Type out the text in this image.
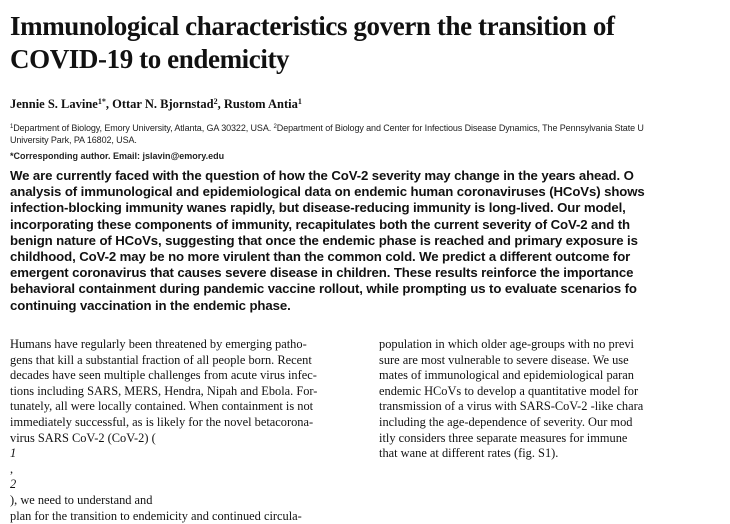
Immunological characteristics govern the transition of
COVID-19 to endemicity
Jennie S. Lavine$^{1*}$, Ottar N. Bjornstad$^2$, Rustom Antia$^1$
$^1$Department of Biology, Emory University, Atlanta, GA 30322, USA. $^2$Department of Biology and Center for Infectious Disease Dynamics, The Pennsylvania State U
University Park, PA 16802, USA.
*Corresponding author. Email: jslavin@emory.edu
We are currently faced with the question of how the CoV-2 severity may change in the years ahead. O
analysis of immunological and epidemiological data on endemic human coronaviruses (HCoVs) shows
infection-blocking immunity wanes rapidly, but disease-reducing immunity is long-lived. Our model,
incorporating these components of immunity, recapitulates both the current severity of CoV-2 and th
benign nature of HCoVs, suggesting that once the endemic phase is reached and primary exposure is
childhood, CoV-2 may be no more virulent than the common cold. We predict a different outcome for
emergent coronavirus that causes severe disease in children. These results reinforce the importance
behavioral containment during pandemic vaccine rollout, while prompting us to evaluate scenarios fo
continuing vaccination in the endemic phase.
Humans have regularly been threatened by emerging patho-
gens that kill a substantial fraction of all people born. Recent
decades have seen multiple challenges from acute virus infec-
tions including SARS, MERS, Hendra, Nipah and Ebola. For-
tunately, all were locally contained. When containment is not
immediately successful, as is likely for the novel betacorona-
virus SARS CoV-2 (CoV-2) (
1
,
2
), we need to understand and
plan for the transition to endemicity and continued circula-
population in which older age-groups with no previ
sure are most vulnerable to severe disease. We use
mates of immunological and epidemiological paran
endemic HCoVs to develop a quantitative model for
transmission of a virus with SARS-CoV-2 -like chara
including the age-dependence of severity. Our mod
itly considers three separate measures for immune
that wane at different rates (fig. S1).
